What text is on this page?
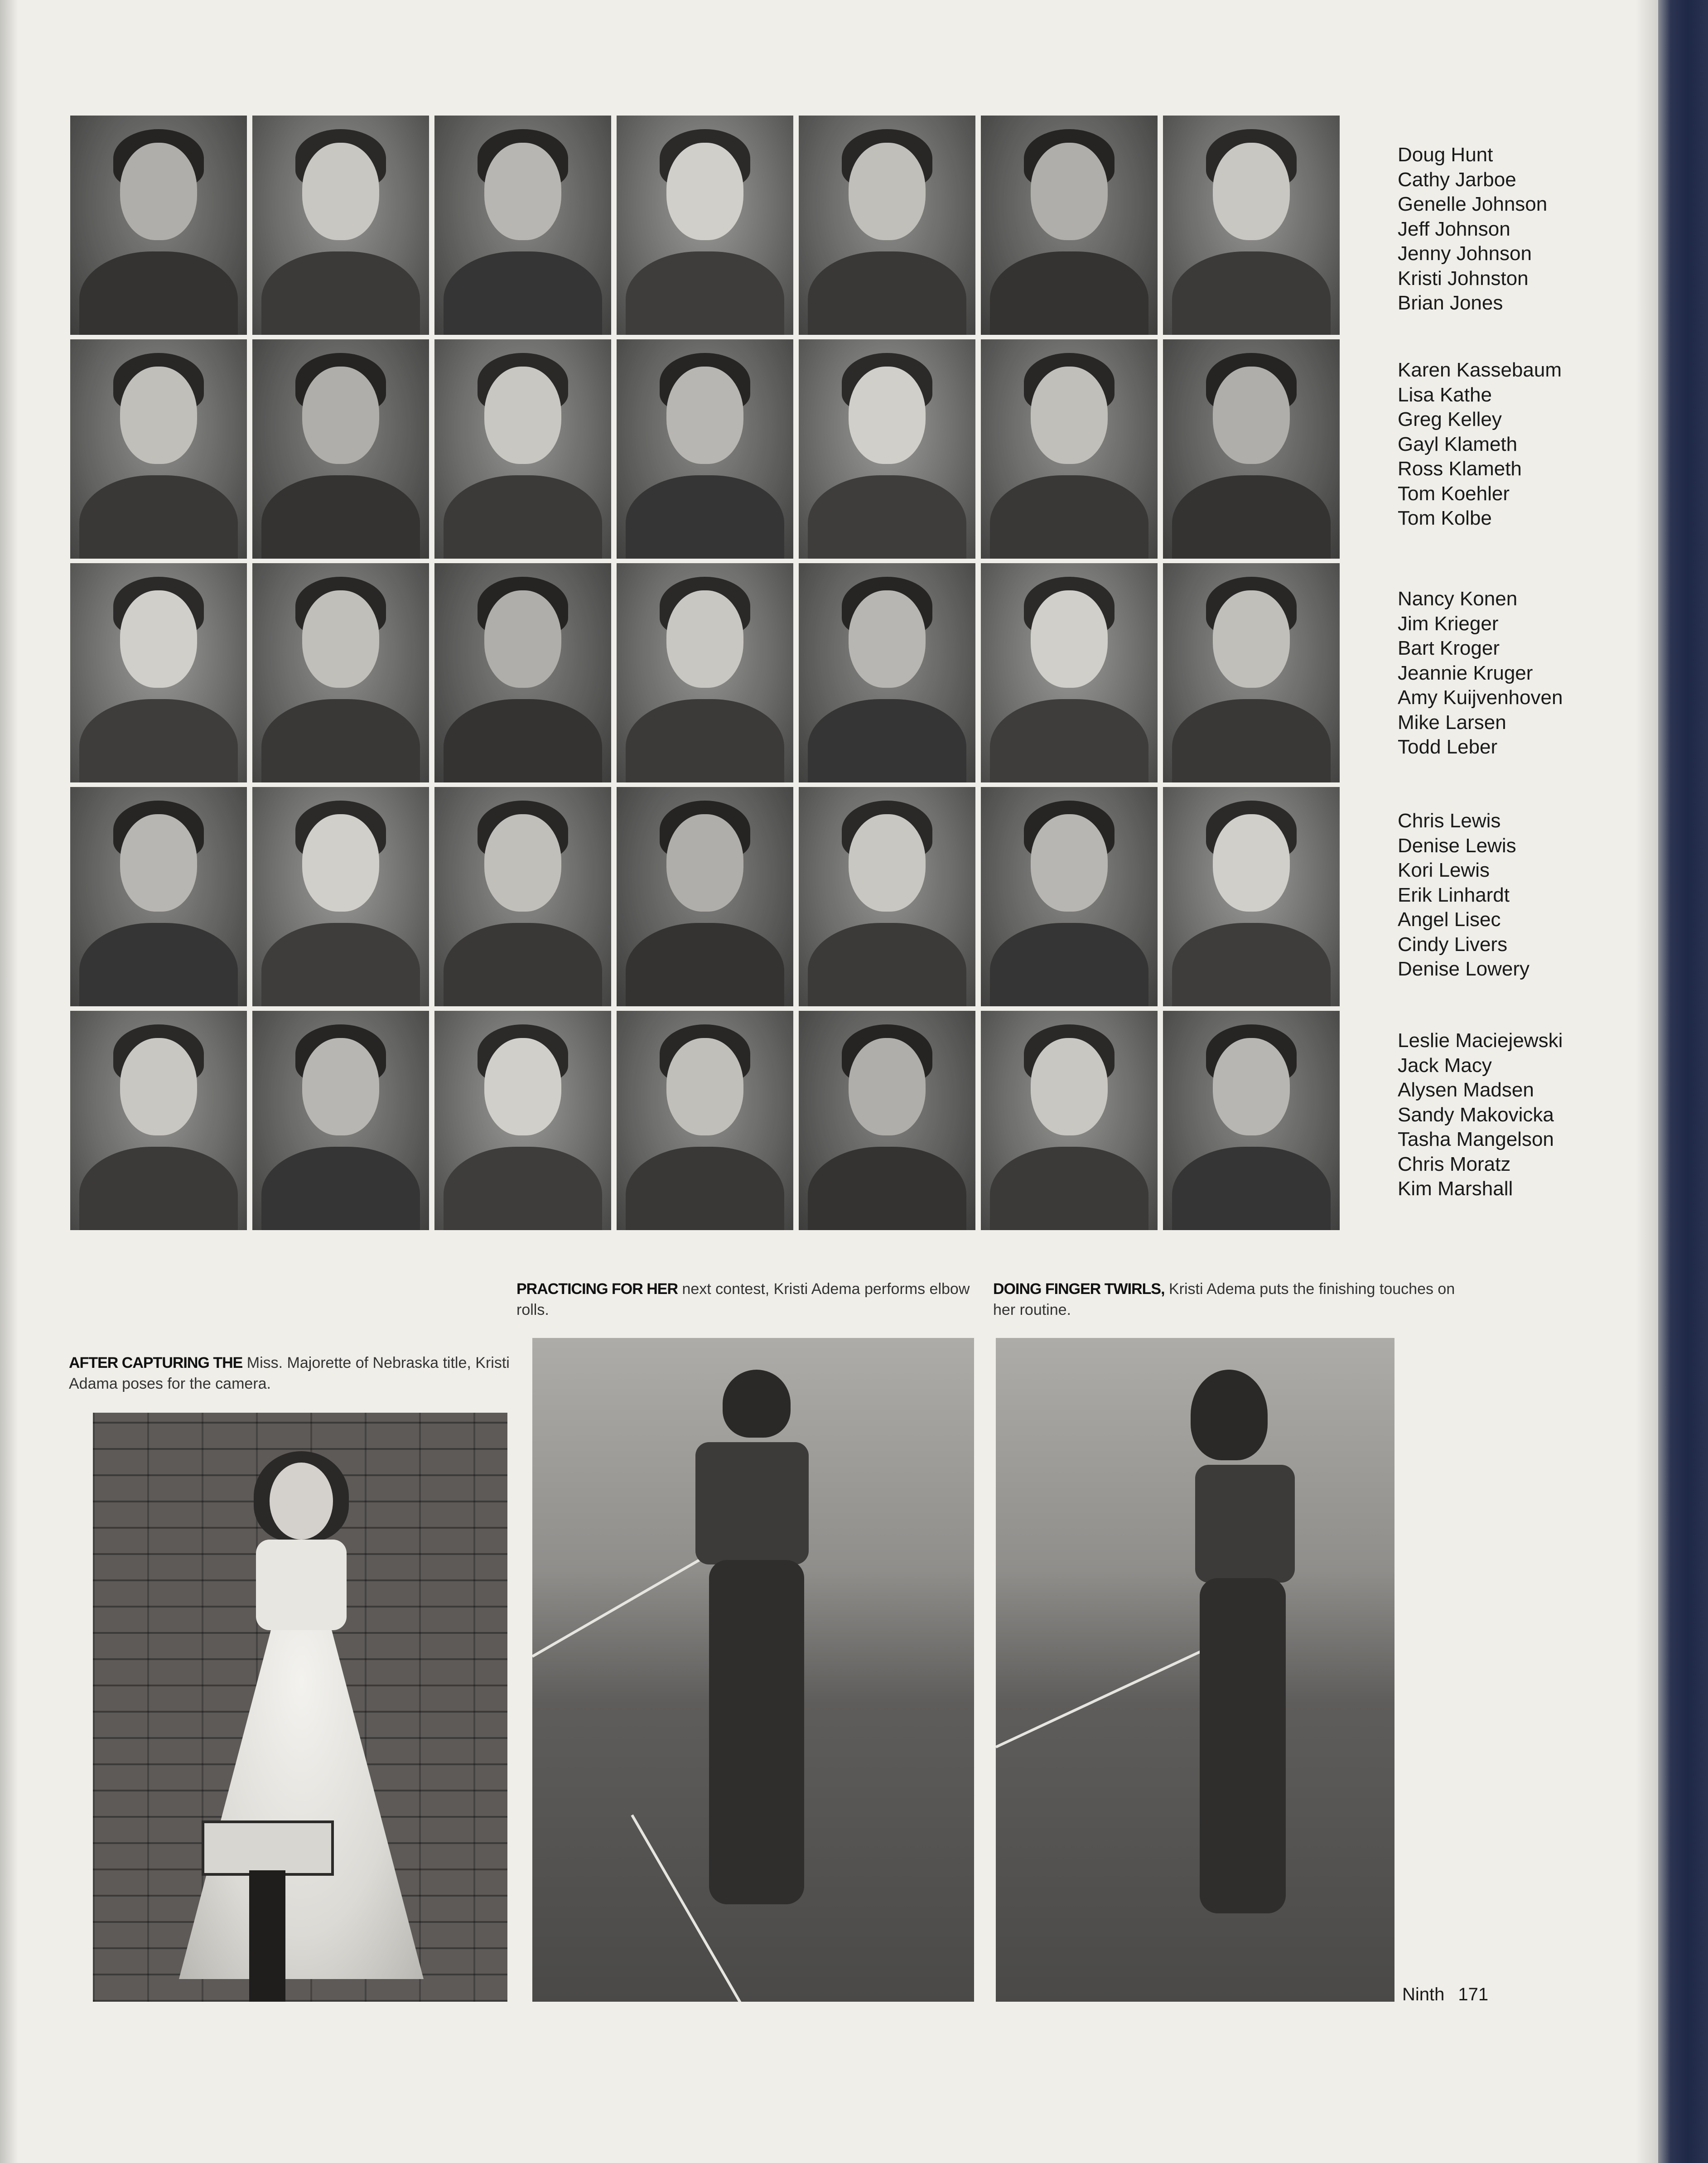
Doug Hunt
Cathy Jarboe
Genelle Johnson
Jeff Johnson
Jenny Johnson
Kristi Johnston
Brian Jones
Karen Kassebaum
Lisa Kathe
Greg Kelley
Gayl Klameth
Ross Klameth
Tom Koehler
Tom Kolbe
Nancy Konen
Jim Krieger
Bart Kroger
Jeannie Kruger
Amy Kuijvenhoven
Mike Larsen
Todd Leber
Chris Lewis
Denise Lewis
Kori Lewis
Erik Linhardt
Angel Lisec
Cindy Livers
Denise Lowery
Leslie Maciejewski
Jack Macy
Alysen Madsen
Sandy Makovicka
Tasha Mangelson
Chris Moratz
Kim Marshall
PRACTICING FOR HER next contest, Kristi Adema performs elbow rolls.
DOING FINGER TWIRLS, Kristi Adema puts the finishing touches on her routine.
AFTER CAPTURING THE Miss. Majorette of Nebraska title, Kristi Adama poses for the camera.
Ninth 171
